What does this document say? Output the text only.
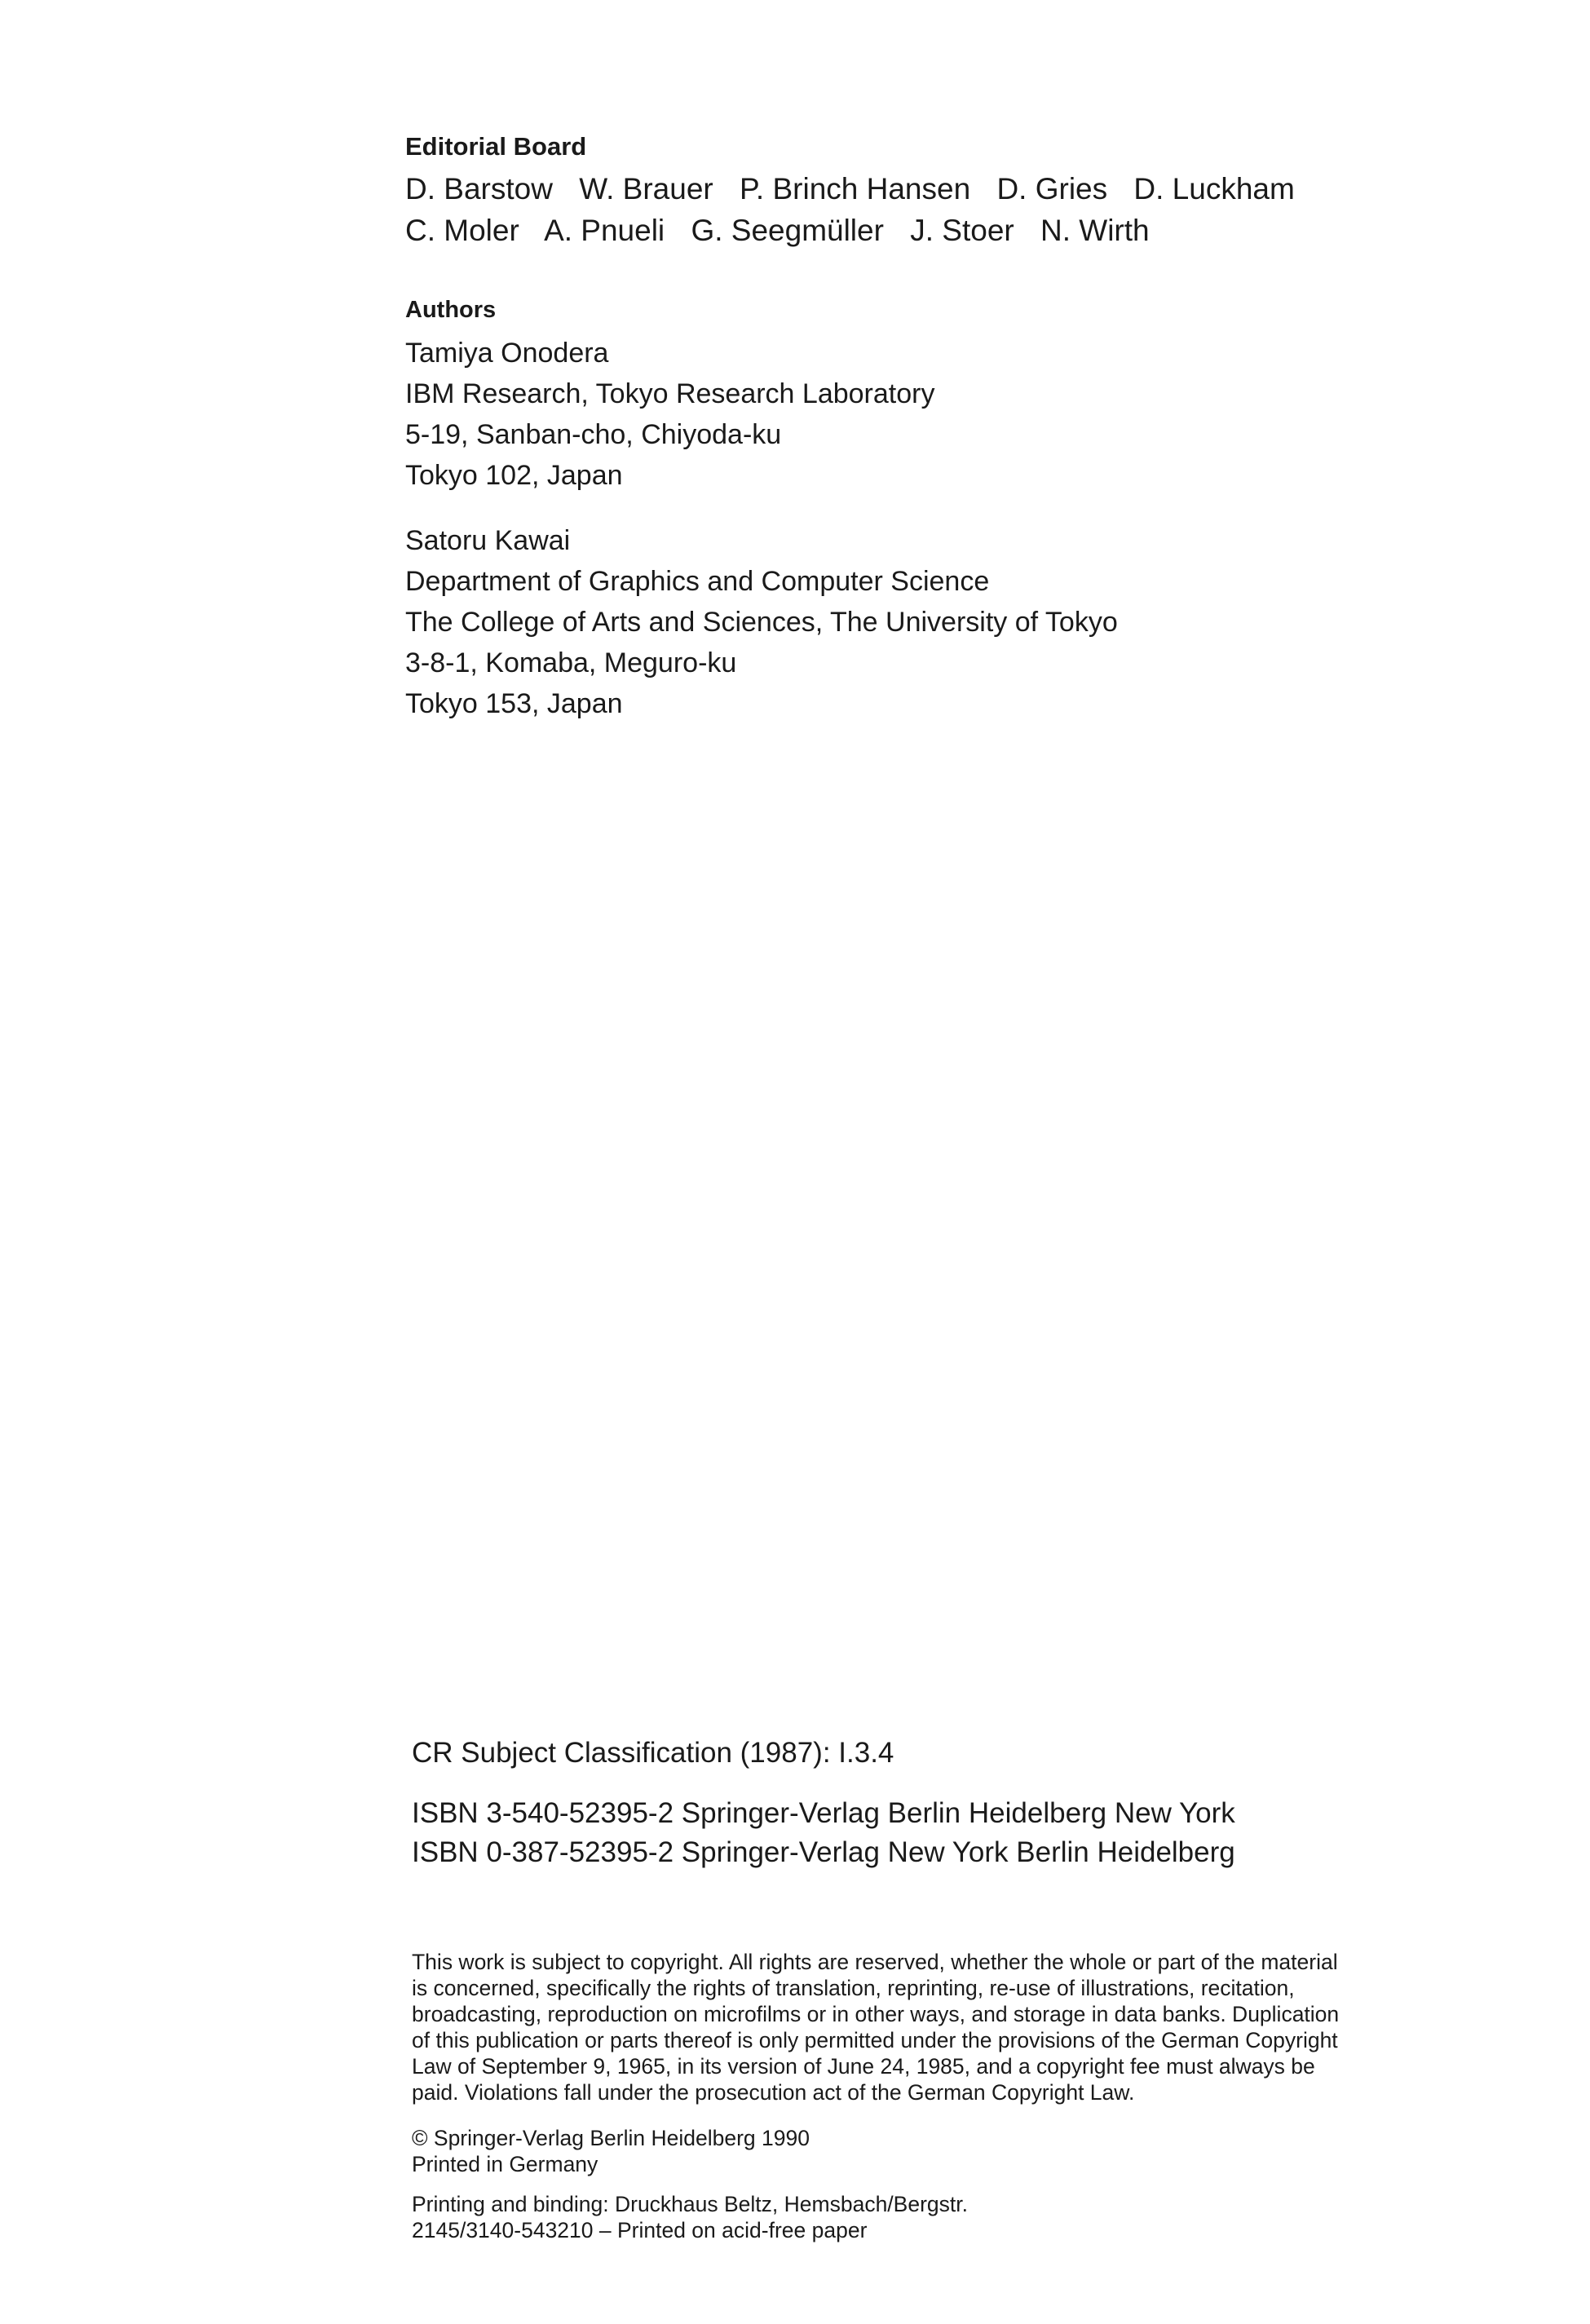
Editorial Board
D. Barstow W. Brauer P. Brinch Hansen D. Gries D. Luckham
C. Moler A. Pnueli G. Seegmüller J. Stoer N. Wirth
Authors
Tamiya Onodera
IBM Research, Tokyo Research Laboratory
5-19, Sanban-cho, Chiyoda-ku
Tokyo 102, Japan
Satoru Kawai
Department of Graphics and Computer Science
The College of Arts and Sciences, The University of Tokyo
3-8-1, Komaba, Meguro-ku
Tokyo 153, Japan
CR Subject Classification (1987): I.3.4
ISBN 3-540-52395-2 Springer-Verlag Berlin Heidelberg New York
ISBN 0-387-52395-2 Springer-Verlag New York Berlin Heidelberg
This work is subject to copyright. All rights are reserved, whether the whole or part of the material
is concerned, specifically the rights of translation, reprinting, re-use of illustrations, recitation,
broadcasting, reproduction on microfilms or in other ways, and storage in data banks. Duplication
of this publication or parts thereof is only permitted under the provisions of the German Copyright
Law of September 9, 1965, in its version of June 24, 1985, and a copyright fee must always be
paid. Violations fall under the prosecution act of the German Copyright Law.
© Springer-Verlag Berlin Heidelberg 1990
Printed in Germany
Printing and binding: Druckhaus Beltz, Hemsbach/Bergstr.
2145/3140-543210 – Printed on acid-free paper
